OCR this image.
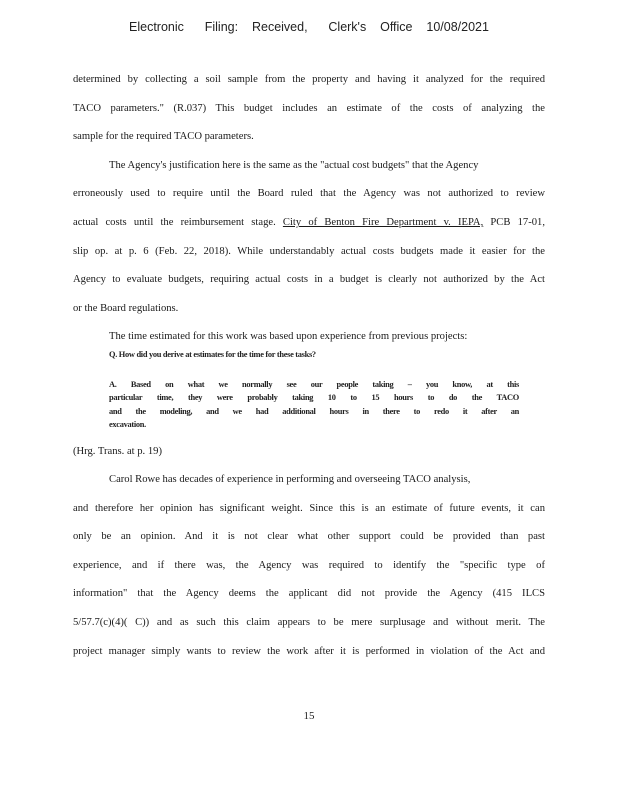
Electronic      Filing:    Received,      Clerk's    Office    10/08/2021
determined by collecting a soil sample from the property and having it analyzed for the required
TACO parameters." (R.037) This budget includes an estimate of the costs of analyzing the
sample for the required TACO parameters.
The Agency's justification here is the same as the "actual cost budgets" that the Agency
erroneously used to require until the Board ruled that the Agency was not authorized to review
actual costs until the reimbursement stage. City of Benton Fire Department v. IEPA, PCB 17-01,
slip op. at p. 6 (Feb. 22, 2018). While understandably actual costs budgets made it easier for the
Agency to evaluate budgets, requiring actual costs in a budget is clearly not authorized by the Act
or the Board regulations.
The time estimated for this work was based upon experience from previous projects:
Q. How did you derive at estimates for the time for these tasks?
A. Based on what we normally see our people taking – you know, at this
particular time, they were probably taking 10 to 15 hours to do the TACO
and the modeling, and we had additional hours in there to redo it after an
excavation.
(Hrg. Trans. at p. 19)
Carol Rowe has decades of experience in performing and overseeing TACO analysis,
and therefore her opinion has significant weight. Since this is an estimate of future events, it can
only be an opinion. And it is not clear what other support could be provided than past
experience, and if there was, the Agency was required to identify the "specific type of
information" that the Agency deems the applicant did not provide the Agency (415 ILCS
5/57.7(c)(4)( C)) and as such this claim appears to be mere surplusage and without merit. The
project manager simply wants to review the work after it is performed in violation of the Act and
15
